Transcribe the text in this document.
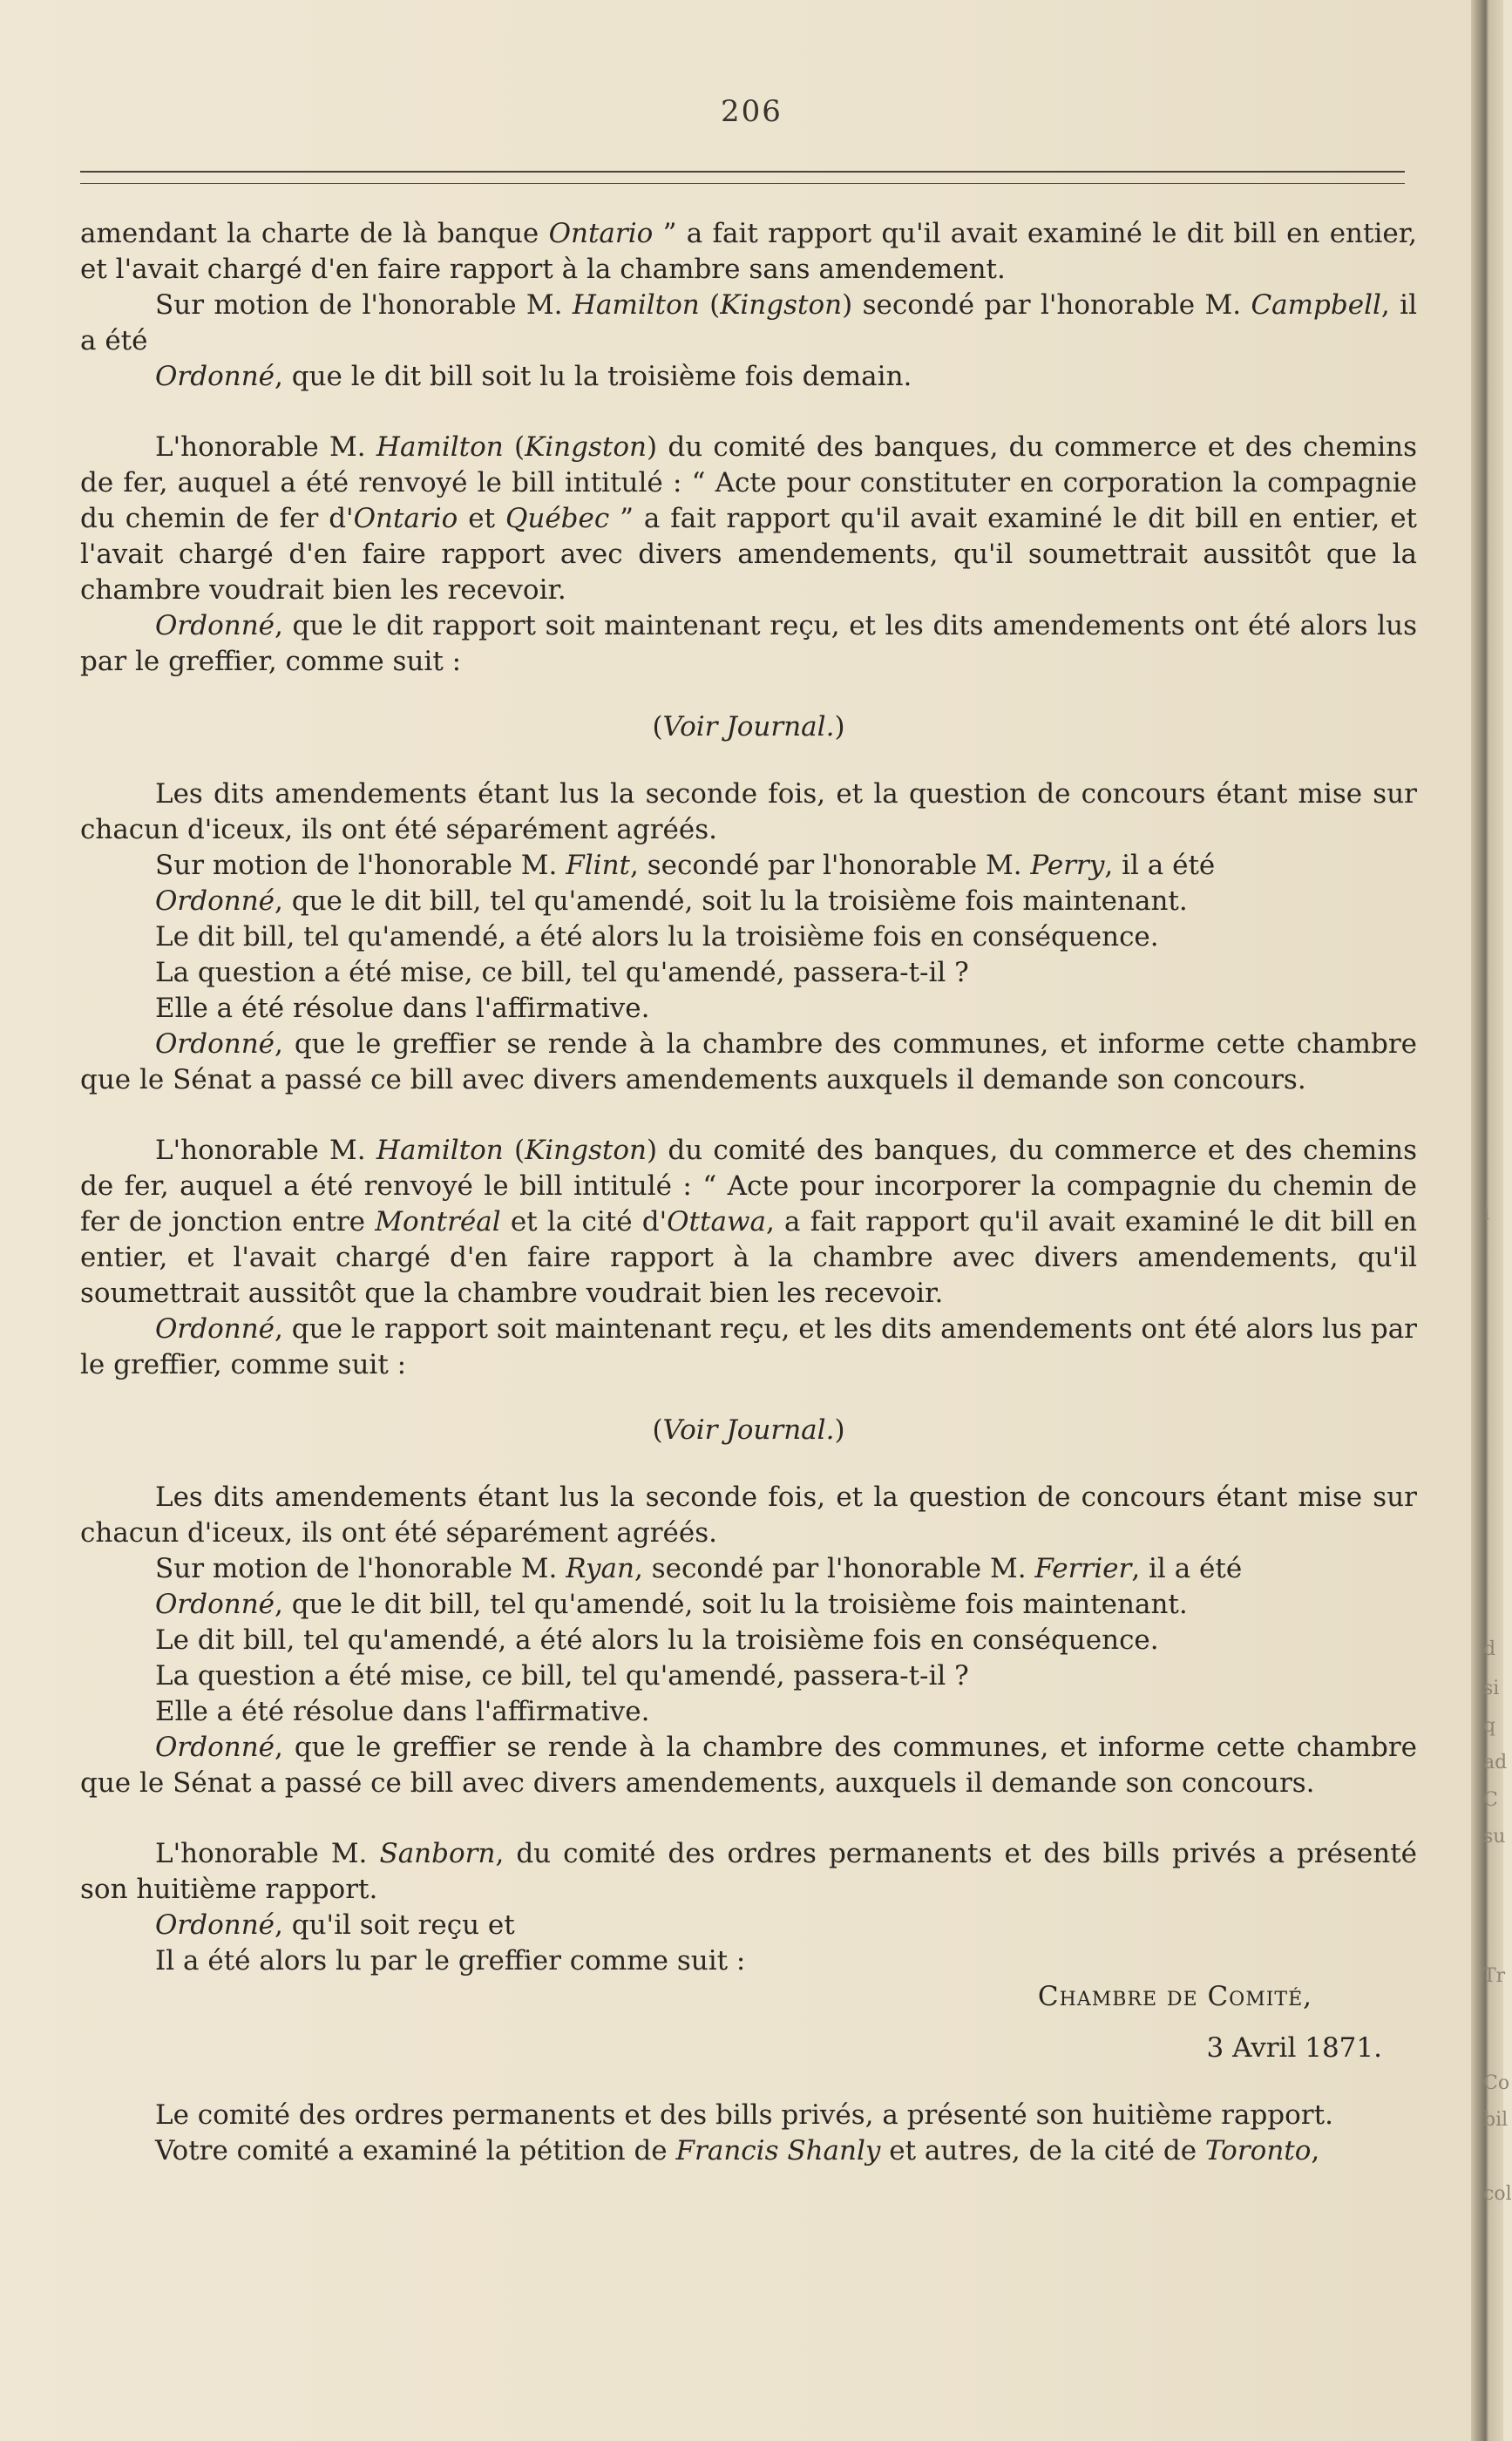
206

amendant la charte de là banque Ontario ” a fait rapport qu'il avait examiné le dit bill en entier, et l'avait chargé d'en faire rapport à la chambre sans amendement.

Sur motion de l'honorable M. Hamilton (Kingston) secondé par l'honorable M. Campbell, il a été

Ordonné, que le dit bill soit lu la troisième fois demain.

L'honorable M. Hamilton (Kingston) du comité des banques, du commerce et des chemins de fer, auquel a été renvoyé le bill intitulé : “ Acte pour constituter en corporation la compagnie du chemin de fer d'Ontario et Québec ” a fait rapport qu'il avait examiné le dit bill en entier, et l'avait chargé d'en faire rapport avec divers amendements, qu'il soumettrait aussitôt que la chambre voudrait bien les recevoir.

Ordonné, que le dit rapport soit maintenant reçu, et les dits amendements ont été alors lus par le greffier, comme suit :

(Voir Journal.)

Les dits amendements étant lus la seconde fois, et la question de concours étant mise sur chacun d'iceux, ils ont été séparément agréés.

Sur motion de l'honorable M. Flint, secondé par l'honorable M. Perry, il a été

Ordonné, que le dit bill, tel qu'amendé, soit lu la troisième fois maintenant.

Le dit bill, tel qu'amendé, a été alors lu la troisième fois en conséquence.

La question a été mise, ce bill, tel qu'amendé, passera-t-il ?

Elle a été résolue dans l'affirmative.

Ordonné, que le greffier se rende à la chambre des communes, et informe cette chambre que le Sénat a passé ce bill avec divers amendements auxquels il demande son concours.

L'honorable M. Hamilton (Kingston) du comité des banques, du commerce et des chemins de fer, auquel a été renvoyé le bill intitulé : “ Acte pour incorporer la compagnie du chemin de fer de jonction entre Montréal et la cité d'Ottawa, a fait rapport qu'il avait examiné le dit bill en entier, et l'avait chargé d'en faire rapport à la chambre avec divers amendements, qu'il soumettrait aussitôt que la chambre voudrait bien les recevoir.

Ordonné, que le rapport soit maintenant reçu, et les dits amendements ont été alors lus par le greffier, comme suit :

(Voir Journal.)

Les dits amendements étant lus la seconde fois, et la question de concours étant mise sur chacun d'iceux, ils ont été séparément agréés.

Sur motion de l'honorable M. Ryan, secondé par l'honorable M. Ferrier, il a été

Ordonné, que le dit bill, tel qu'amendé, soit lu la troisième fois maintenant.

Le dit bill, tel qu'amendé, a été alors lu la troisième fois en conséquence.

La question a été mise, ce bill, tel qu'amendé, passera-t-il ?

Elle a été résolue dans l'affirmative.

Ordonné, que le greffier se rende à la chambre des communes, et informe cette chambre que le Sénat a passé ce bill avec divers amendements, auxquels il demande son concours.

L'honorable M. Sanborn, du comité des ordres permanents et des bills privés a présenté son huitième rapport.

Ordonné, qu'il soit reçu et

Il a été alors lu par le greffier comme suit :

Chambre de Comité,

3 Avril 1871.

Le comité des ordres permanents et des bills privés, a présenté son huitième rapport.

Votre comité a examiné la pétition de Francis Shanly et autres, de la cité de Toronto,

i
d
si
q
ad
C
su
Tr
Co
bil
col
